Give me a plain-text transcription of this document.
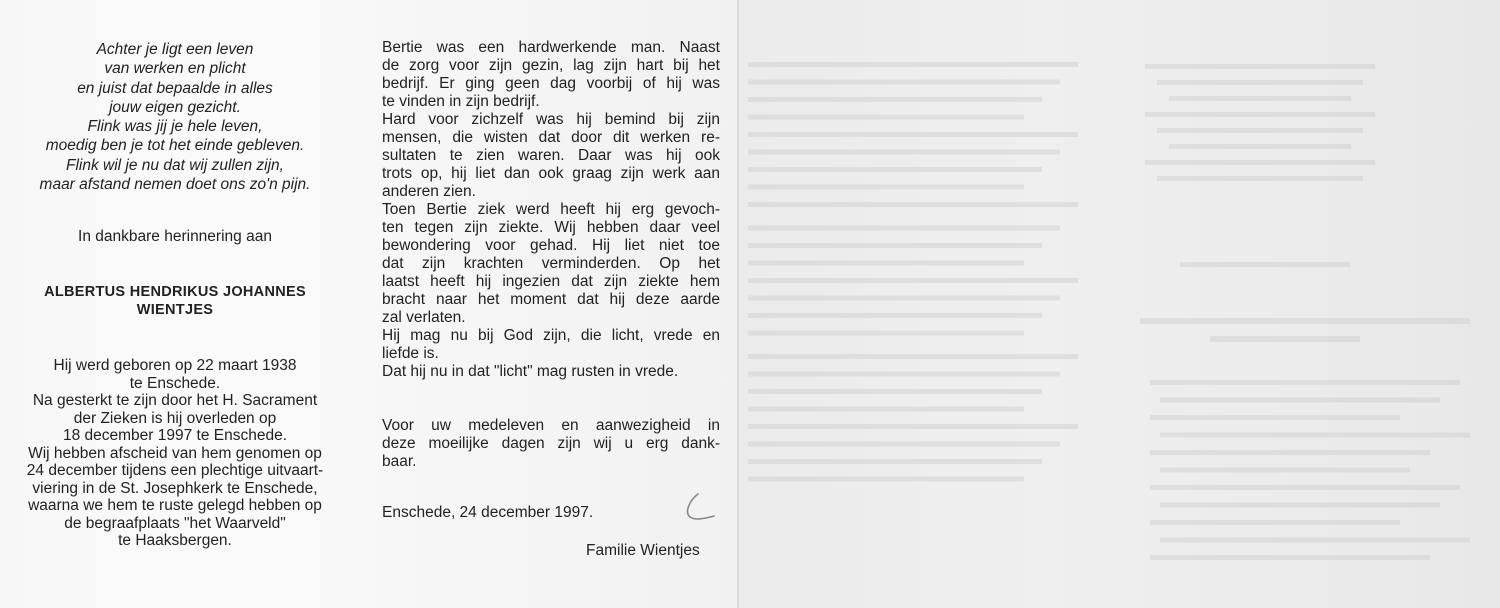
Achter je ligt een leven
van werken en plicht
en juist dat bepaalde in alles
jouw eigen gezicht.
Flink was jij je hele leven,
moedig ben je tot het einde gebleven.
Flink wil je nu dat wij zullen zijn,
maar afstand nemen doet ons zo'n pijn.
In dankbare herinnering aan
ALBERTUS HENDRIKUS JOHANNES
WIENTJES
Hij werd geboren op 22 maart 1938
te Enschede.
Na gesterkt te zijn door het H. Sacrament
der Zieken is hij overleden op
18 december 1997 te Enschede.
Wij hebben afscheid van hem genomen op
24 december tijdens een plechtige uitvaart-
viering in de St. Josephkerk te Enschede,
waarna we hem te ruste gelegd hebben op
de begraafplaats "het Waarveld"
te Haaksbergen.
Bertie was een hardwerkende man. Naast
de zorg voor zijn gezin, lag zijn hart bij het
bedrijf. Er ging geen dag voorbij of hij was
te vinden in zijn bedrijf.
Hard voor zichzelf was hij bemind bij zijn
mensen, die wisten dat door dit werken re-
sultaten te zien waren. Daar was hij ook
trots op, hij liet dan ook graag zijn werk aan
anderen zien.
Toen Bertie ziek werd heeft hij erg gevoch-
ten tegen zijn ziekte. Wij hebben daar veel
bewondering voor gehad. Hij liet niet toe
dat zijn krachten verminderden. Op het
laatst heeft hij ingezien dat zijn ziekte hem
bracht naar het moment dat hij deze aarde
zal verlaten.
Hij mag nu bij God zijn, die licht, vrede en
liefde is.
Dat hij nu in dat "licht" mag rusten in vrede.
Voor uw medeleven en aanwezigheid in
deze moeilijke dagen zijn wij u erg dank-
baar.
Enschede, 24 december 1997.
Familie Wientjes
